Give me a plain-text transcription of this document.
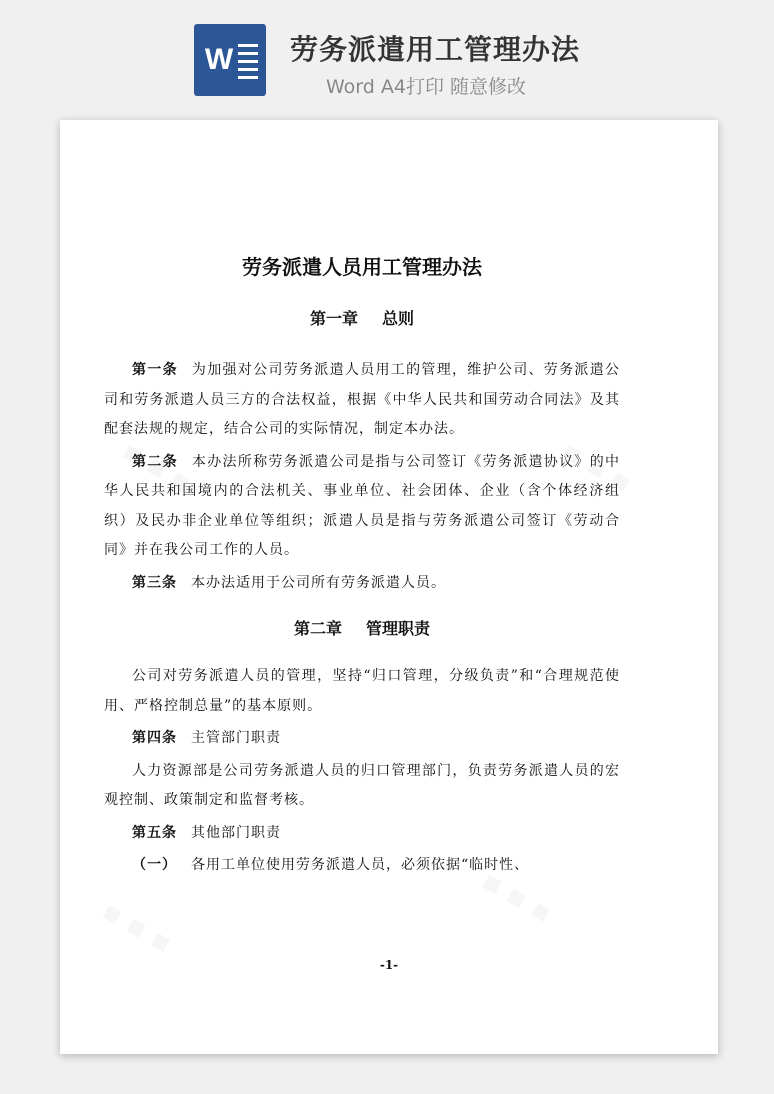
W 劳务派遣用工管理办法
Word A4打印 随意修改
-1-
劳务派遣人员用工管理办法
第一章 总则
第一条 为加强对公司劳务派遣人员用工的管理，维护公司、劳务派遣公司和劳务派遣人员三方的合法权益，根据《中华人民共和国劳动合同法》及其配套法规的规定，结合公司的实际情况，制定本办法。
第二条 本办法所称劳务派遣公司是指与公司签订《劳务派遣协议》的中华人民共和国境内的合法机关、事业单位、社会团体、企业（含个体经济组织）及民办非企业单位等组织；派遣人员是指与劳务派遣公司签订《劳动合同》并在我公司工作的人员。
第三条 本办法适用于公司所有劳务派遣人员。
第二章 管理职责
公司对劳务派遣人员的管理，坚持“归口管理，分级负责”和“合理规范使用、严格控制总量”的基本原则。
第四条 主管部门职责
人力资源部是公司劳务派遣人员的归口管理部门，负责劳务派遣人员的宏观控制、政策制定和监督考核。
第五条 其他部门职责
（一） 各用工单位使用劳务派遣人员，必须依据“临时性、
